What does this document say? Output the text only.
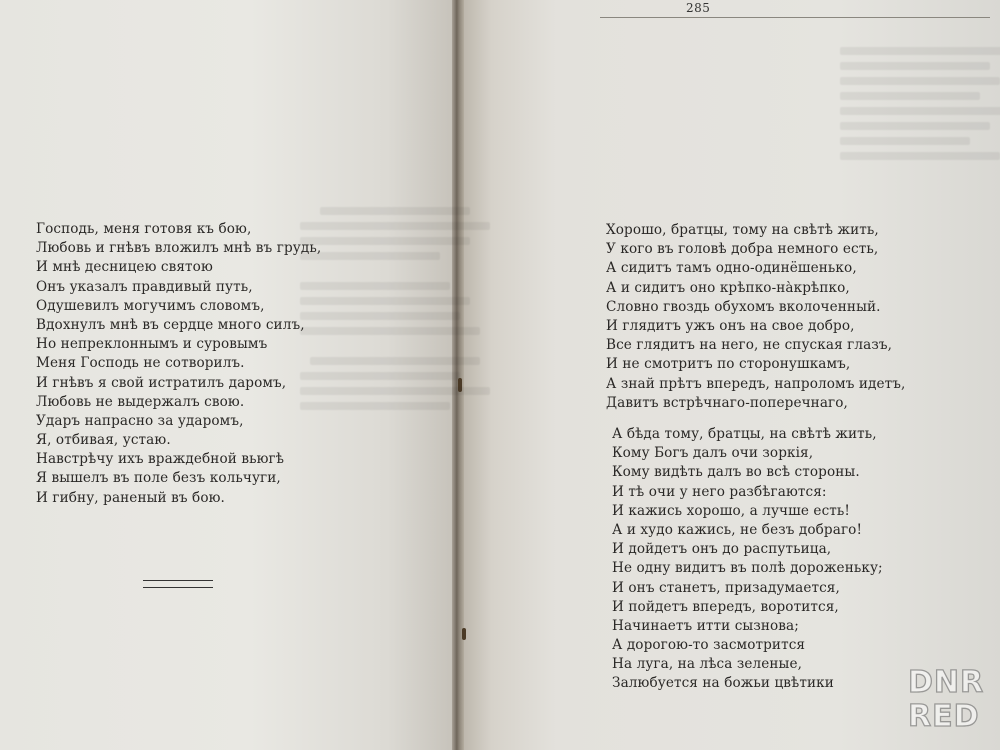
Господь, меня готовя къ бою,
Любовь и гнѣвъ вложилъ мнѣ въ грудь,
И мнѣ десницею святою
Онъ указалъ правдивый путь,
Одушевилъ могучимъ словомъ,
Вдохнулъ мнѣ въ сердце много силъ,
Но непреклоннымъ и суровымъ
Меня Господь не сотворилъ.
И гнѣвъ я свой истратилъ даромъ,
Любовь не выдержалъ свою.
Ударъ напрасно за ударомъ,
Я, отбивая, устаю.
Навстрѣчу ихъ враждебной вьюгѣ
Я вышелъ въ поле безъ кольчуги,
И гибну, раненый въ бою.
285
Хорошо, братцы, тому на свѣтѣ жить,
У кого въ головѣ добра немного есть,
А сидитъ тамъ одно-одинёшенько,
А и сидитъ оно крѣпко-на̀крѣпко,
Словно гвоздь обухомъ вколоченный.
И глядитъ ужъ онъ на свое добро,
Все глядитъ на него, не спуская глазъ,
И не смотритъ по сторонушкамъ,
А знай прѣтъ впередъ, напроломъ идетъ,
Давитъ встрѣчнаго-поперечнаго,
А бѣда тому, братцы, на свѣтѣ жить,
Кому Богъ далъ очи зоркія,
Кому видѣть далъ во всѣ стороны.
И тѣ очи у него разбѣгаются:
И кажись хорошо, а лучше есть!
А и худо кажись, не безъ добраго!
И дойдетъ онъ до распутьица,
Не одну видитъ въ полѣ дороженьку;
И онъ станетъ, призадумается,
И пойдетъ впередъ, воротится,
Начинаетъ итти сызнова;
А дорогою-то засмотрится
На луга, на лѣса зеленые,
Залюбуется на божьи цвѣтики	DNR
RED
